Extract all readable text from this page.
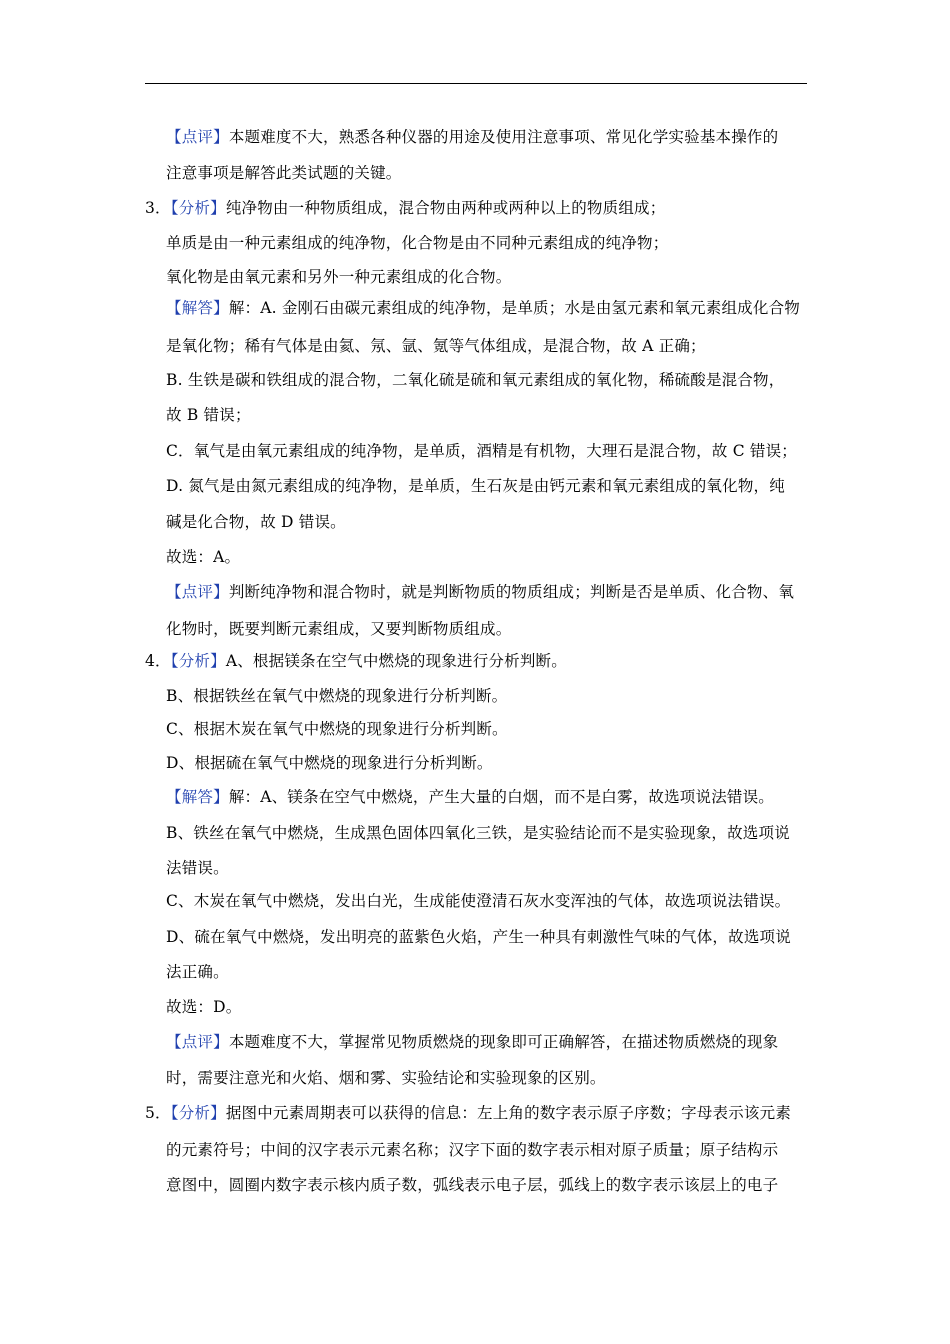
【点评】本题难度不大，熟悉各种仪器的用途及使用注意事项、常见化学实验基本操作的
注意事项是解答此类试题的关键。
3．【分析】纯净物由一种物质组成，混合物由两种或两种以上的物质组成；
单质是由一种元素组成的纯净物，化合物是由不同种元素组成的纯净物；
氧化物是由氧元素和另外一种元素组成的化合物。
【解答】解：A. 金刚石由碳元素组成的纯净物，是单质；水是由氢元素和氧元素组成化合物
是氧化物；稀有气体是由氦、氖、氩、氪等气体组成，是混合物，故 A 正确；
B. 生铁是碳和铁组成的混合物，二氧化硫是硫和氧元素组成的氧化物，稀硫酸是混合物，
故 B 错误；
C．氧气是由氧元素组成的纯净物，是单质，酒精是有机物，大理石是混合物，故 C 错误；
D. 氮气是由氮元素组成的纯净物，是单质，生石灰是由钙元素和氧元素组成的氧化物，纯
碱是化合物，故 D 错误。
故选：A。
【点评】判断纯净物和混合物时，就是判断物质的物质组成；判断是否是单质、化合物、氧
化物时，既要判断元素组成，又要判断物质组成。
4．【分析】A、根据镁条在空气中燃烧的现象进行分析判断。
B、根据铁丝在氧气中燃烧的现象进行分析判断。
C、根据木炭在氧气中燃烧的现象进行分析判断。
D、根据硫在氧气中燃烧的现象进行分析判断。
【解答】解：A、镁条在空气中燃烧，产生大量的白烟，而不是白雾，故选项说法错误。
B、铁丝在氧气中燃烧，生成黑色固体四氧化三铁，是实验结论而不是实验现象，故选项说
法错误。
C、木炭在氧气中燃烧，发出白光，生成能使澄清石灰水变浑浊的气体，故选项说法错误。
D、硫在氧气中燃烧，发出明亮的蓝紫色火焰，产生一种具有刺激性气味的气体，故选项说
法正确。
故选：D。
【点评】本题难度不大，掌握常见物质燃烧的现象即可正确解答，在描述物质燃烧的现象
时，需要注意光和火焰、烟和雾、实验结论和实验现象的区别。
5．【分析】据图中元素周期表可以获得的信息：左上角的数字表示原子序数；字母表示该元素
的元素符号；中间的汉字表示元素名称；汉字下面的数字表示相对原子质量；原子结构示
意图中，圆圈内数字表示核内质子数，弧线表示电子层，弧线上的数字表示该层上的电子
